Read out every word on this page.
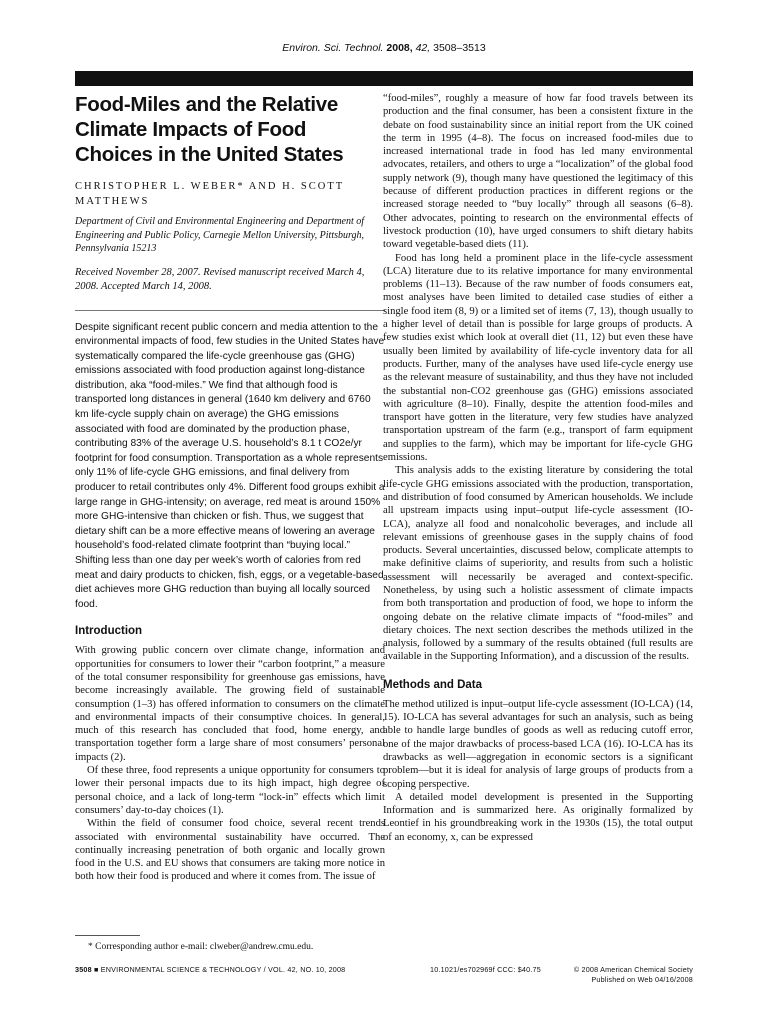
Environ. Sci. Technol. 2008, 42, 3508–3513
Food-Miles and the Relative Climate Impacts of Food Choices in the United States
CHRISTOPHER L. WEBER* AND H. SCOTT MATTHEWS
Department of Civil and Environmental Engineering and Department of Engineering and Public Policy, Carnegie Mellon University, Pittsburgh, Pennsylvania 15213
Received November 28, 2007. Revised manuscript received March 4, 2008. Accepted March 14, 2008.

Despite significant recent public concern and media attention to the environmental impacts of food, few studies in the United States have systematically compared the life-cycle greenhouse gas (GHG) emissions associated with food production against long-distance distribution, aka “food-miles.” We find that although food is transported long distances in general (1640 km delivery and 6760 km life-cycle supply chain on average) the GHG emissions associated with food are dominated by the production phase, contributing 83% of the average U.S. household’s 8.1 t CO2e/yr footprint for food consumption. Transportation as a whole represents only 11% of life-cycle GHG emissions, and final delivery from producer to retail contributes only 4%. Different food groups exhibit a large range in GHG-intensity; on average, red meat is around 150% more GHG-intensive than chicken or fish. Thus, we suggest that dietary shift can be a more effective means of lowering an average household’s food-related climate footprint than “buying local.” Shifting less than one day per week’s worth of calories from red meat and dairy products to chicken, fish, eggs, or a vegetable-based diet achieves more GHG reduction than buying all locally sourced food.

Introduction

With growing public concern over climate change, information and opportunities for consumers to lower their “carbon footprint,” a measure of the total consumer responsibility for greenhouse gas emissions, have become increasingly available. The growing field of sustainable consumption (1–3) has offered information to consumers on the climate and environmental impacts of their consumptive choices. In general, much of this research has concluded that food, home energy, and transportation together form a large share of most consumers’ personal impacts (2).

Of these three, food represents a unique opportunity for consumers to lower their personal impacts due to its high impact, high degree of personal choice, and a lack of long-term “lock-in” effects which limit consumers’ day-to-day choices (1).

Within the field of consumer food choice, several recent trends associated with environmental sustainability have occurred. The continually increasing penetration of both organic and locally grown food in the U.S. and EU shows that consumers are taking more notice in both how their food is produced and where it comes from. The issue of

“food-miles”, roughly a measure of how far food travels between its production and the final consumer, has been a consistent fixture in the debate on food sustainability since an initial report from the UK coined the term in 1995 (4–8). The focus on increased food-miles due to increased international trade in food has led many environmental advocates, retailers, and others to urge a “localization” of the global food supply network (9), though many have questioned the legitimacy of this because of different production practices in different regions or the increased storage needed to “buy locally” through all seasons (6–8). Other advocates, pointing to research on the environmental effects of livestock production (10), have urged consumers to shift dietary habits toward vegetable-based diets (11).

Food has long held a prominent place in the life-cycle assessment (LCA) literature due to its relative importance for many environmental problems (11–13). Because of the raw number of foods consumers eat, most analyses have been limited to detailed case studies of either a single food item (8, 9) or a limited set of items (7, 13), though usually to a higher level of detail than is possible for large groups of products. A few studies exist which look at overall diet (11, 12) but even these have usually been limited by availability of life-cycle inventory data for all products. Further, many of the analyses have used life-cycle energy use as the relevant measure of sustainability, and thus they have not included the substantial non-CO2 greenhouse gas (GHG) emissions associated with agriculture (8–10). Finally, despite the attention food-miles and transport have gotten in the literature, very few studies have analyzed transportation upstream of the farm (e.g., transport of farm equipment and supplies to the farm), which may be important for life-cycle GHG emissions.

This analysis adds to the existing literature by considering the total life-cycle GHG emissions associated with the production, transportation, and distribution of food consumed by American households. We include all upstream impacts using input–output life-cycle assessment (IO-LCA), analyze all food and nonalcoholic beverages, and include all relevant emissions of greenhouse gases in the supply chains of food products. Several uncertainties, discussed below, complicate attempts to make definitive claims of superiority, and results from such a holistic assessment will necessarily be averaged and context-specific. Nonetheless, by using such a holistic assessment of climate impacts from both transportation and production of food, we hope to inform the ongoing debate on the relative climate impacts of “food-miles” and dietary choices. The next section describes the methods utilized in the analysis, followed by a summary of the results obtained (full results are available in the Supporting Information), and a discussion of the results.

Methods and Data

The method utilized is input–output life-cycle assessment (IO-LCA) (14, 15). IO-LCA has several advantages for such an analysis, such as being able to handle large bundles of goods as well as reducing cutoff error, one of the major drawbacks of process-based LCA (16). IO-LCA has its drawbacks as well—aggregation in economic sectors is a significant problem—but it is ideal for analysis of large groups of products from a scoping perspective.

A detailed model development is presented in the Supporting Information and is summarized here. As originally formalized by Leontief in his groundbreaking work in the 1930s (15), the total output of an economy, x, can be expressed

* Corresponding author e-mail: clweber@andrew.cmu.edu.
3508 ■ ENVIRONMENTAL SCIENCE & TECHNOLOGY / VOL. 42, NO. 10, 2008	10.1021/es702969f CCC: $40.75	© 2008 American Chemical Society
Published on Web 04/16/2008
